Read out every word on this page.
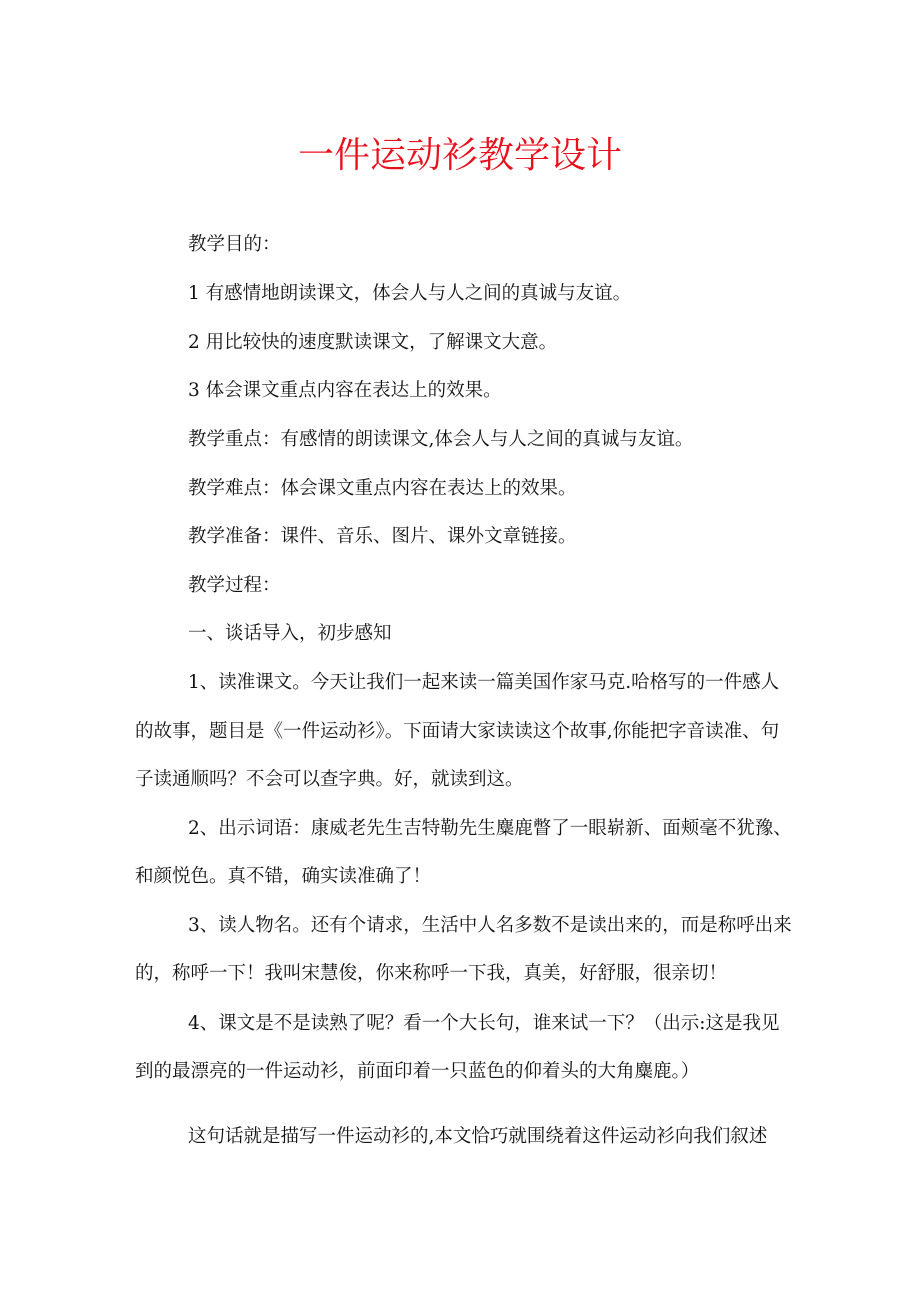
一件运动衫教学设计
教学目的：
1 有感情地朗读课文，体会人与人之间的真诚与友谊。
2 用比较快的速度默读课文，了解课文大意。
3 体会课文重点内容在表达上的效果。
教学重点：有感情的朗读课文,体会人与人之间的真诚与友谊。
教学难点：体会课文重点内容在表达上的效果。
教学准备：课件、音乐、图片、课外文章链接。
教学过程：
一、谈话导入，初步感知
1、读准课文。今天让我们一起来读一篇美国作家马克.哈格写的一件感人
的故事，题目是《一件运动衫》。下面请大家读读这个故事,你能把字音读准、句
子读通顺吗？不会可以查字典。好，就读到这。
2、出示词语：康威老先生吉特勒先生麋鹿瞥了一眼崭新、面颊毫不犹豫、
和颜悦色。真不错，确实读准确了！
3、读人物名。还有个请求，生活中人名多数不是读出来的，而是称呼出来
的，称呼一下！我叫宋慧俊，你来称呼一下我，真美，好舒服，很亲切！
4、课文是不是读熟了呢？看一个大长句，谁来试一下？（出示:这是我见
到的最漂亮的一件运动衫，前面印着一只蓝色的仰着头的大角麋鹿。）
这句话就是描写一件运动衫的,本文恰巧就围绕着这件运动衫向我们叙述
